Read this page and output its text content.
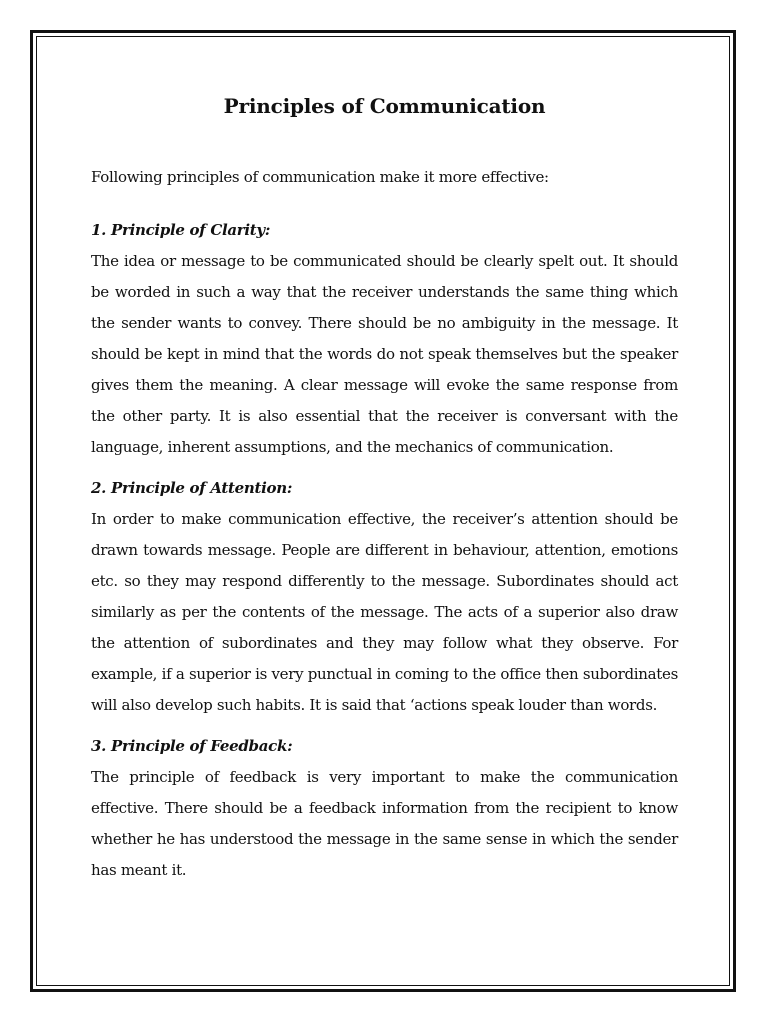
Principles of Communication

Following principles of communication make it more effective:

1. Principle of Clarity:

The idea or message to be communicated should be clearly spelt out. It should be worded in such a way that the receiver understands the same thing which the sender wants to convey. There should be no ambiguity in the message. It should be kept in mind that the words do not speak themselves but the speaker gives them the meaning. A clear message will evoke the same response from the other party. It is also essential that the receiver is conversant with the language, inherent assumptions, and the mechanics of communication.

2. Principle of Attention:

In order to make communication effective, the receiver’s attention should be drawn towards message. People are different in behaviour, attention, emotions etc. so they may respond differently to the message. Subordinates should act similarly as per the contents of the message. The acts of a superior also draw the attention of subordinates and they may follow what they observe. For example, if a superior is very punctual in coming to the office then subordinates will also develop such habits. It is said that ‘actions speak louder than words.

3. Principle of Feedback:

The principle of feedback is very important to make the communication effective. There should be a feedback information from the recipient to know whether he has understood the message in the same sense in which the sender has meant it.
